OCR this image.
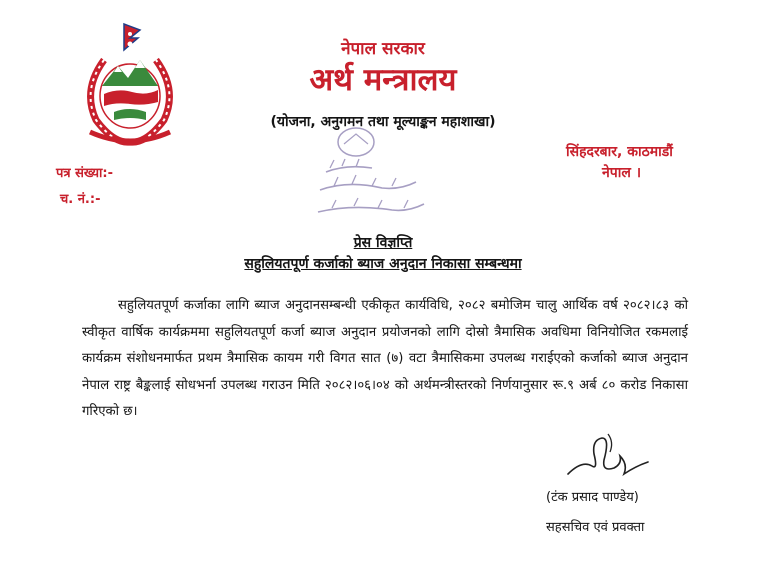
नेपाल सरकार
अर्थ मन्त्रालय
(योजना, अनुगमन तथा मूल्याङ्कन महाशाखा)
सिंहदरबार, काठमाडौं
नेपाल ।
पत्र संख्या:-
च. नं.:-
प्रेस विज्ञप्ति
सहुलियतपूर्ण कर्जाको ब्याज अनुदान निकासा सम्बन्धमा

सहुलियतपूर्ण कर्जाका लागि ब्याज अनुदानसम्बन्धी एकीकृत कार्यविधि, २०८२ बमोजिम चालु आर्थिक वर्ष २०८२।८३ को स्वीकृत वार्षिक कार्यक्रममा सहुलियतपूर्ण कर्जा ब्याज अनुदान प्रयोजनको लागि दोस्रो त्रैमासिक अवधिमा विनियोजित रकमलाई कार्यक्रम संशोधनमार्फत प्रथम त्रैमासिक कायम गरी विगत सात (७) वटा त्रैमासिकमा उपलब्ध गराईएको कर्जाको ब्याज अनुदान नेपाल राष्ट्र बैङ्कलाई सोधभर्ना उपलब्ध गराउन मिति २०८२।०६।०४ को अर्थमन्त्रीस्तरको निर्णयानुसार रू.९ अर्ब ८० करोड निकासा गरिएको छ।

(टंक प्रसाद पाण्डेय)
सहसचिव एवं प्रवक्ता
